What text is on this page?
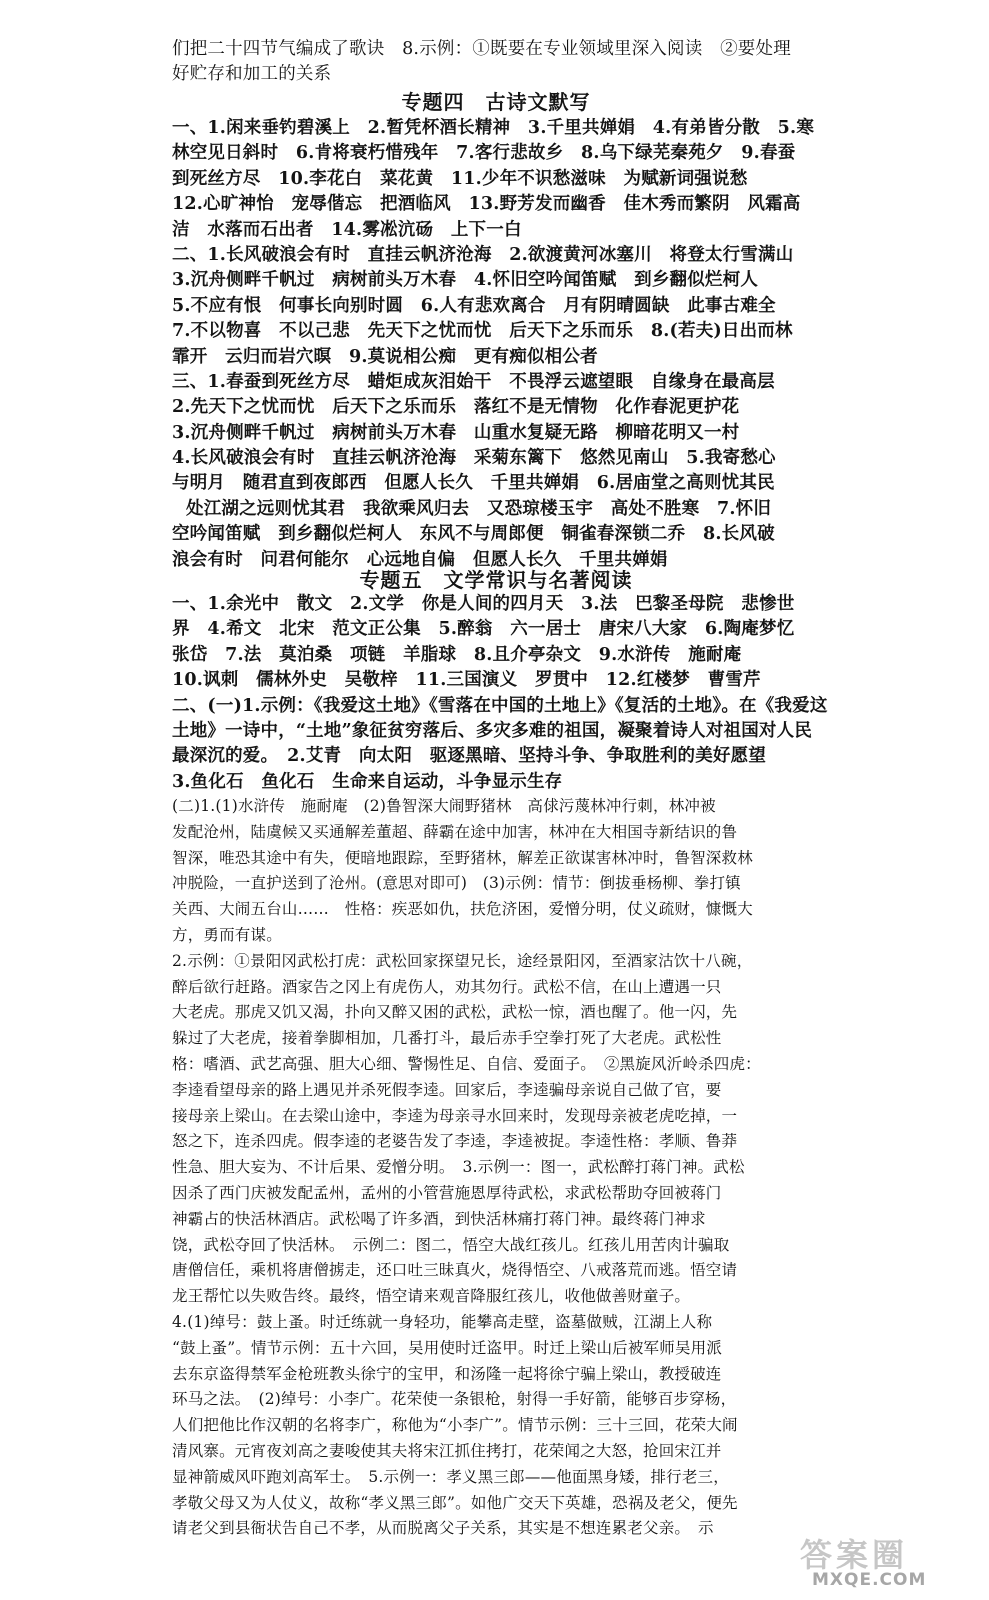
们把二十四节气编成了歌诀　8.示例：①既要在专业领域里深入阅读　②要处理
好贮存和加工的关系
专题四　古诗文默写
一、1.闲来垂钓碧溪上　2.暂凭杯酒长精神　3.千里共婵娟　4.有弟皆分散　5.寒
林空见日斜时　6.肯将衰朽惜残年　7.客行悲故乡　8.乌下绿芜秦苑夕　9.春蚕
到死丝方尽　10.李花白　菜花黄　11.少年不识愁滋味　为赋新词强说愁
12.心旷神怡　宠辱偕忘　把酒临风　13.野芳发而幽香　佳木秀而繁阴　风霜高
洁　水落而石出者　14.雾凇沆砀　上下一白
二、1.长风破浪会有时　直挂云帆济沧海　2.欲渡黄河冰塞川　将登太行雪满山
3.沉舟侧畔千帆过　病树前头万木春　4.怀旧空吟闻笛赋　到乡翻似烂柯人
5.不应有恨　何事长向别时圆　6.人有悲欢离合　月有阴晴圆缺　此事古难全
7.不以物喜　不以己悲　先天下之忧而忧　后天下之乐而乐　8.(若夫)日出而林
霏开　云归而岩穴暝　9.莫说相公痴　更有痴似相公者
三、1.春蚕到死丝方尽　蜡炬成灰泪始干　不畏浮云遮望眼　自缘身在最高层
2.先天下之忧而忧　后天下之乐而乐　落红不是无情物　化作春泥更护花
3.沉舟侧畔千帆过　病树前头万木春　山重水复疑无路　柳暗花明又一村
4.长风破浪会有时　直挂云帆济沧海　采菊东篱下　悠然见南山　5.我寄愁心
与明月　随君直到夜郎西　但愿人长久　千里共婵娟　6.居庙堂之高则忧其民
处江湖之远则忧其君　我欲乘风归去　又恐琼楼玉宇　高处不胜寒　7.怀旧
空吟闻笛赋　到乡翻似烂柯人　东风不与周郎便　铜雀春深锁二乔　8.长风破
浪会有时　问君何能尔　心远地自偏　但愿人长久　千里共婵娟
专题五　文学常识与名著阅读
一、1.余光中　散文　2.文学　你是人间的四月天　3.法　巴黎圣母院　悲惨世
界　4.希文　北宋　范文正公集　5.醉翁　六一居士　唐宋八大家　6.陶庵梦忆
张岱　7.法　莫泊桑　项链　羊脂球　8.且介亭杂文　9.水浒传　施耐庵
10.讽刺　儒林外史　吴敬梓　11.三国演义　罗贯中　12.红楼梦　曹雪芹
二、(一)1.示例：《我爱这土地》《雪落在中国的土地上》《复活的土地》。在《我爱这
土地》一诗中，“土地”象征贫穷落后、多灾多难的祖国，凝聚着诗人对祖国对人民
最深沉的爱。　2.艾青　向太阳　驱逐黑暗、坚持斗争、争取胜利的美好愿望
3.鱼化石　鱼化石　生命来自运动，斗争显示生存
(二)1.(1)水浒传　施耐庵　(2)鲁智深大闹野猪林　高俅污蔑林冲行刺，林冲被
发配沧州，陆虞候又买通解差董超、薛霸在途中加害，林冲在大相国寺新结识的鲁
智深，唯恐其途中有失，便暗地跟踪，至野猪林，解差正欲谋害林冲时，鲁智深救林
冲脱险，一直护送到了沧州。(意思对即可)　(3)示例：情节：倒拔垂杨柳、拳打镇
关西、大闹五台山……　性格：疾恶如仇，扶危济困，爱憎分明，仗义疏财，慷慨大
方，勇而有谋。
2.示例：①景阳冈武松打虎：武松回家探望兄长，途经景阳冈，至酒家沽饮十八碗，
醉后欲行赶路。酒家告之冈上有虎伤人，劝其勿行。武松不信，在山上遭遇一只
大老虎。那虎又饥又渴，扑向又醉又困的武松，武松一惊，酒也醒了。他一闪，先
躲过了大老虎，接着拳脚相加，几番打斗，最后赤手空拳打死了大老虎。武松性
格：嗜酒、武艺高强、胆大心细、警惕性足、自信、爱面子。　②黑旋风沂岭杀四虎：
李逵看望母亲的路上遇见并杀死假李逵。回家后，李逵骗母亲说自己做了官，要
接母亲上梁山。在去梁山途中，李逵为母亲寻水回来时，发现母亲被老虎吃掉，一
怒之下，连杀四虎。假李逵的老婆告发了李逵，李逵被捉。李逵性格：孝顺、鲁莽
性急、胆大妄为、不计后果、爱憎分明。　3.示例一：图一，武松醉打蒋门神。武松
因杀了西门庆被发配孟州，孟州的小管营施恩厚待武松，求武松帮助夺回被蒋门
神霸占的快活林酒店。武松喝了许多酒，到快活林痛打蒋门神。最终蒋门神求
饶，武松夺回了快活林。　示例二：图二，悟空大战红孩儿。红孩儿用苦肉计骗取
唐僧信任，乘机将唐僧掳走，还口吐三昧真火，烧得悟空、八戒落荒而逃。悟空请
龙王帮忙以失败告终。最终，悟空请来观音降服红孩儿，收他做善财童子。
4.(1)绰号：鼓上蚤。时迁练就一身轻功，能攀高走壁，盗墓做贼，江湖上人称
“鼓上蚤”。情节示例：五十六回，吴用使时迁盗甲。时迁上梁山后被军师吴用派
去东京盗得禁军金枪班教头徐宁的宝甲，和汤隆一起将徐宁骗上梁山，教授破连
环马之法。　(2)绰号：小李广。花荣使一条银枪，射得一手好箭，能够百步穿杨，
人们把他比作汉朝的名将李广，称他为“小李广”。情节示例：三十三回，花荣大闹
清风寨。元宵夜刘高之妻唆使其夫将宋江抓住拷打，花荣闻之大怒，抢回宋江并
显神箭威风吓跑刘高军士。　5.示例一：孝义黑三郎——他面黑身矮，排行老三，
孝敬父母又为人仗义，故称“孝义黑三郎”。如他广交天下英雄，恐祸及老父，便先
请老父到县衙状告自己不孝，从而脱离父子关系，其实是不想连累老父亲。　示
答案圈
MXQE.COM
